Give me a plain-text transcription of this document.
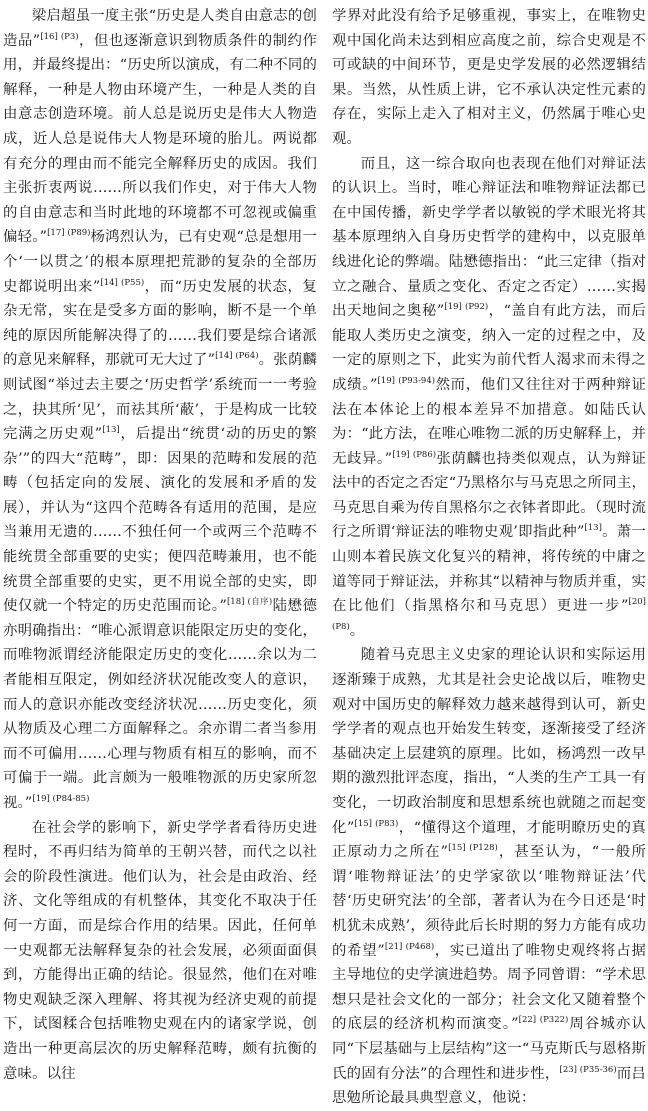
梁启超虽一度主张“历史是人类自由意志的创造品”$^{[16] (P3)}$，但也逐渐意识到物质条件的制约作用，并最终提出：“历史所以演成，有二种不同的解释，一种是人物由环境产生，一种是人类的自由意志创造环境。前人总是说历史是伟大人物造成，近人总是说伟大人物是环境的胎儿。两说都有充分的理由而不能完全解释历史的成因。我们主张折衷两说……所以我们作史，对于伟大人物的自由意志和当时此地的环境都不可忽视或偏重偏轻。”$^{[17] (P89)}$杨鸿烈认为，已有史观“总是想用一个‘一以贯之’的根本原理把荒渺的复杂的全部历史都说明出来”$^{[14] (P55)}$，而“历史发展的状态，复杂无常，实在是受多方面的影响，断不是一个单纯的原因所能解决得了的……我们要是综合诸派的意见来解释，那就可无大过了”$^{[14] (P64)}$。张荫麟则试图“举过去主要之‘历史哲学’系统而一一考验之，抉其所‘见’，而祛其所‘蔽’，于是构成一比较完满之历史观”[13]，后提出“统贯‘动的历史的繁杂’”的四大“范畴”，即：因果的范畴和发展的范畴（包括定向的发展、演化的发展和矛盾的发展），并认为“这四个范畴各有适用的范围，是应当兼用无遗的……不独任何一个或两三个范畴不能统贯全部重要的史实；便四范畴兼用，也不能统贯全部重要的史实，更不用说全部的史实，即使仅就一个特定的历史范围而论。”$^{[18] (自序)}$陆懋德亦明确指出：“唯心派谓意识能限定历史的变化，而唯物派谓经济能限定历史的变化……余以为二者能相互限定，例如经济状况能改变人的意识，而人的意识亦能改变经济状况……历史变化，须从物质及心理二方面解释之。余亦谓二者当参用而不可偏用……心理与物质有相互的影响，而不可偏于一端。此言颇为一般唯物派的历史家所忽视。”$^{[19] (P84-85)}$

在社会学的影响下，新史学学者看待历史进程时，不再归结为简单的王朝兴替，而代之以社会的阶段性演进。他们认为，社会是由政治、经济、文化等组成的有机整体，其变化不取决于任何一方面，而是综合作用的结果。因此，任何单一史观都无法解释复杂的社会发展，必须面面俱到，方能得出正确的结论。很显然，他们在对唯物史观缺乏深入理解、将其视为经济史观的前提下，试图糅合包括唯物史观在内的诸家学说，创造出一种更高层次的历史解释范畴，颇有抗衡的意味。以往

学界对此没有给予足够重视，事实上，在唯物史观中国化尚未达到相应高度之前，综合史观是不可或缺的中间环节，更是史学发展的必然逻辑结果。当然，从性质上讲，它不承认决定性元素的存在，实际上走入了相对主义，仍然属于唯心史观。

而且，这一综合取向也表现在他们对辩证法的认识上。当时，唯心辩证法和唯物辩证法都已在中国传播，新史学学者以敏锐的学术眼光将其基本原理纳入自身历史哲学的建构中，以克服单线进化论的弊端。陆懋德指出：“此三定律（指对立之融合、量质之变化、否定之否定）……实揭出天地间之奥秘”$^{[19] (P92)}$，“盖自有此方法，而后能取人类历史之演变，纳入一定的过程之中，及一定的原则之下，此实为前代哲人渴求而未得之成绩。”$^{[19] (P93-94)}$然而，他们又往往对于两种辩证法在本体论上的根本差异不加措意。如陆氏认为：“此方法，在唯心唯物二派的历史解释上，并无歧异。”$^{[19] (P86)}$张荫麟也持类似观点，认为辩证法中的否定之否定“乃黑格尔与马克思之所同主，马克思自乘为传自黑格尔之衣钵者即此。（现时流行之所谓‘辩证法的唯物史观’即指此种”[13]。萧一山则本着民族文化复兴的精神，将传统的中庸之道等同于辩证法，并称其“以精神与物质并重，实在比他们（指黑格尔和马克思）更进一步”$^{[20] (P8)}$。

随着马克思主义史家的理论认识和实际运用逐渐臻于成熟，尤其是社会史论战以后，唯物史观对中国历史的解释效力越来越得到认可，新史学学者的观点也开始发生转变，逐渐接受了经济基础决定上层建筑的原理。比如，杨鸿烈一改早期的激烈批评态度，指出，“人类的生产工具一有变化，一切政治制度和思想系统也就随之而起变化”$^{[15] (P83)}$，“懂得这个道理，才能明瞭历史的真正原动力之所在”$^{[15] (P128)}$，甚至认为，“一般所谓‘唯物辩证法’的史学家欲以‘唯物辩证法’代替‘历史研究法’的全部，著者认为在今日还是‘时机犹未成熟’，须待此后长时期的努力方能有成功的希望”$^{[21] (P468)}$，实已道出了唯物史观终将占据主导地位的史学演进趋势。周予同曾谓：“学术思想只是社会文化的一部分；社会文化又随着整个的底层的经济机构而演变。”$^{[22] (P322)}$周谷城亦认同“下层基础与上层结构”这一“马克斯氏与恩格斯氏的固有分法”的合理性和进步性，$^{[23] (P35-36)}$而吕思勉所论最具典型意义，他说：
